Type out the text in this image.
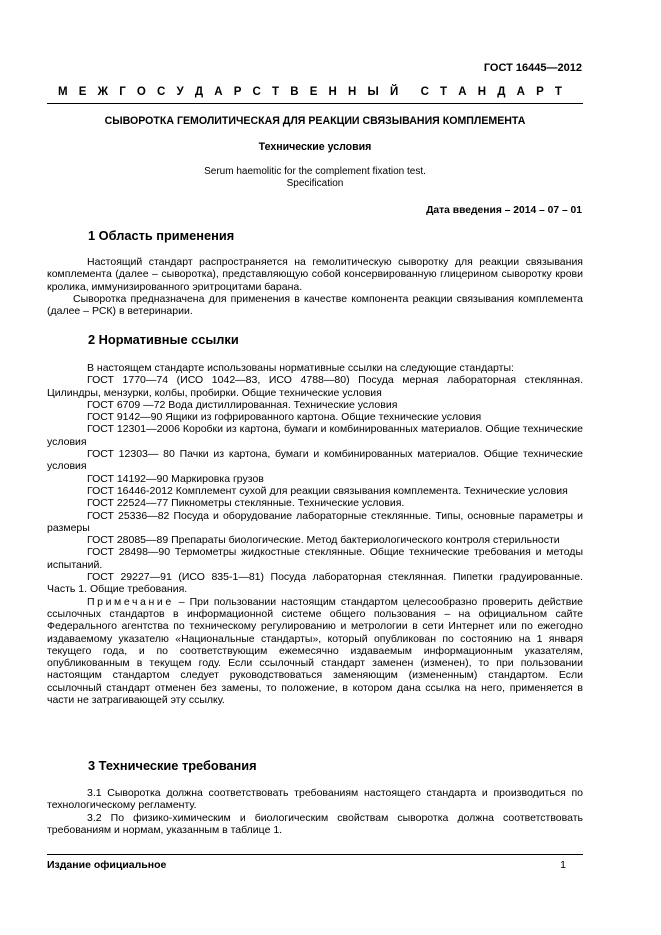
ГОСТ 16445—2012
М Е Ж Г О С У Д А Р С Т В Е Н Н Ы Й С Т А Н Д А Р Т
СЫВОРОТКА ГЕМОЛИТИЧЕСКАЯ ДЛЯ РЕАКЦИИ СВЯЗЫВАНИЯ КОМПЛЕМЕНТА
Технические условия
Serum haemolitic for the complement fixation test.
Specification
Дата введения – 2014 – 07 – 01
1 Область применения

Настоящий стандарт распространяется на гемолитическую сыворотку для реакции связывания комплемента (далее – сыворотка), представляющую собой консервированную глицерином сыворотку крови кролика, иммунизированного эритроцитами барана.

Сыворотка предназначена для применения в качестве компонента реакции связывания комплемента (далее – РСК) в ветеринарии.

2 Нормативные ссылки

В настоящем стандарте использованы нормативные ссылки на следующие стандарты:

ГОСТ 1770—74 (ИСО 1042—83, ИСО 4788—80) Посуда мерная лабораторная стеклянная. Цилиндры, мензурки, колбы, пробирки. Общие технические условия

ГОСТ 6709 —72 Вода дистиллированная. Технические условия

ГОСТ 9142—90 Ящики из гофрированного картона. Общие технические условия

ГОСТ 12301—2006 Коробки из картона, бумаги и комбинированных материалов. Общие технические условия

ГОСТ 12303— 80 Пачки из картона, бумаги и комбинированных материалов. Общие технические условия

ГОСТ 14192—90 Маркировка грузов

ГОСТ 16446-2012 Комплемент сухой для реакции связывания комплемента. Технические условия

ГОСТ 22524—77 Пикнометры стеклянные. Технические условия.

ГОСТ 25336—82 Посуда и оборудование лабораторные стеклянные. Типы, основные параметры и размеры

ГОСТ 28085—89 Препараты биологические. Метод бактериологического контроля стерильности

ГОСТ 28498—90 Термометры жидкостные стеклянные. Общие технические требования и методы испытаний.

ГОСТ 29227—91 (ИСО 835-1—81) Посуда лабораторная стеклянная. Пипетки градуированные. Часть 1. Общие требования.

Примечание – При пользовании настоящим стандартом целесообразно проверить действие ссылочных стандартов в информационной системе общего пользования – на официальном сайте Федерального агентства по техническому регулированию и метрологии в сети Интернет или по ежегодно издаваемому указателю «Национальные стандарты», который опубликован по состоянию на 1 января текущего года, и по соответствующим ежемесячно издаваемым информационным указателям, опубликованным в текущем году. Если ссылочный стандарт заменен (изменен), то при пользовании настоящим стандартом следует руководствоваться заменяющим (измененным) стандартом. Если ссылочный стандарт отменен без замены, то положение, в котором дана ссылка на него, применяется в части не затрагивающей эту ссылку.

3 Технические требования

3.1 Сыворотка должна соответствовать требованиям настоящего стандарта и производиться по технологическому регламенту.

3.2 По физико-химическим и биологическим свойствам сыворотка должна соответствовать требованиям и нормам, указанным в таблице 1.

Издание официальное	1
